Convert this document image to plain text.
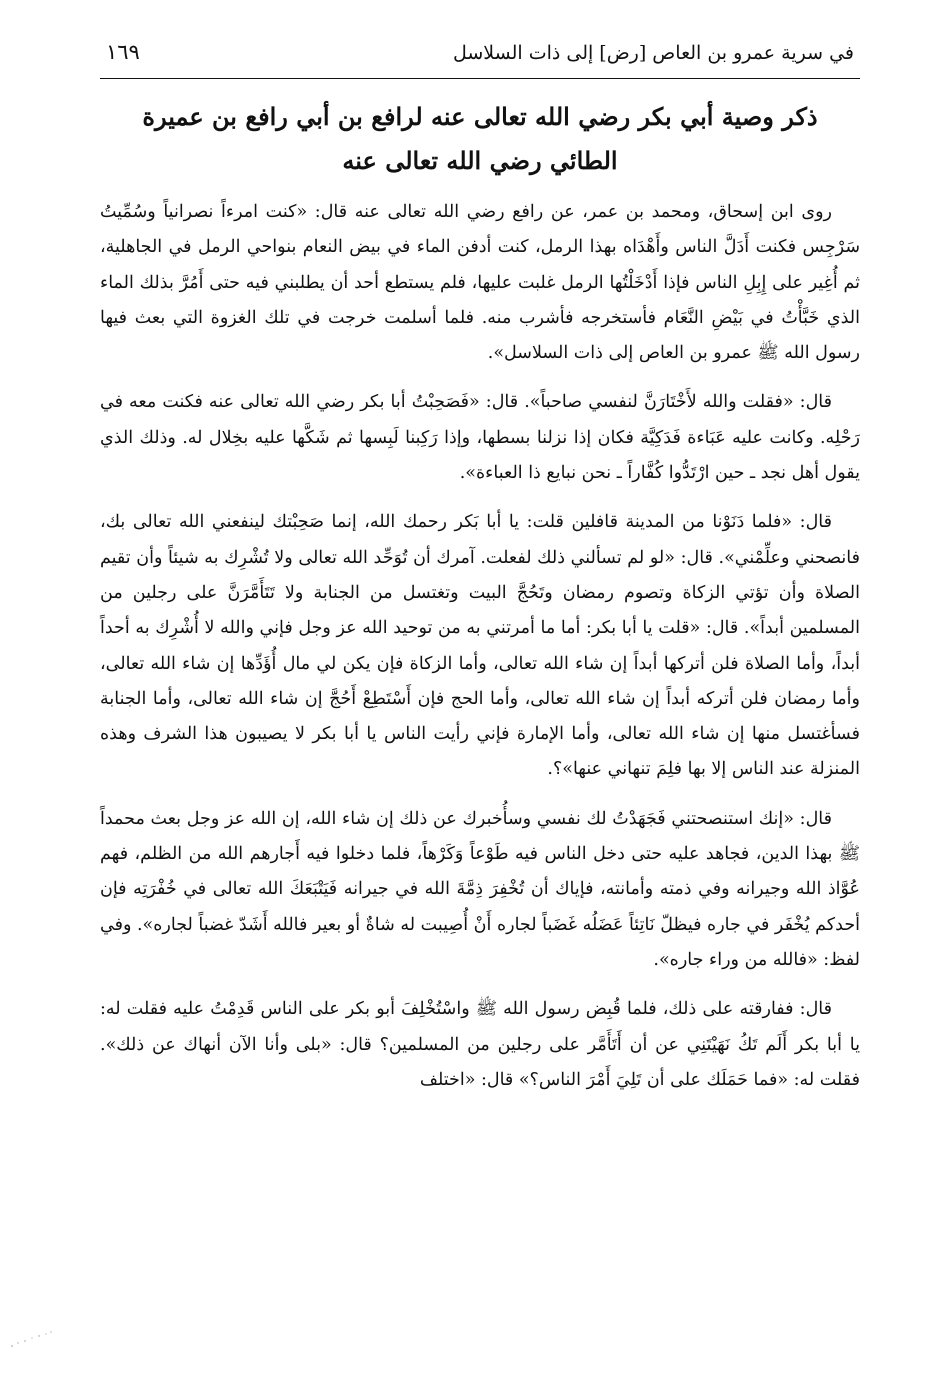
في سرية عمرو بن العاص [رض] إلى ذات السلاسل
١٦٩
ذكر وصية أبي بكر رضي الله تعالى عنه لرافع بن أبي رافع بن عميرة
الطائي رضي الله تعالى عنه

روى ابن إسحاق، ومحمد بن عمر، عن رافع رضي الله تعالى عنه قال: «كنت امرءاً نصرانياً وسُمِّيتُ سَرْجِس فكنت أَدَلَّ الناس وأَهْدَاه بهذا الرمل، كنت أدفن الماء في بيض النعام بنواحي الرمل في الجاهلية، ثم أُغِير على إِبِلِ الناس فإذا أَدْخَلْتُها الرمل غلبت عليها، فلم يستطع أحد أن يطلبني فيه حتى أَمُرَّ بذلك الماء الذي خَبَّأْتُ في بَيْضِ النَّعَام فأستخرجه فأشرب منه. فلما أسلمت خرجت في تلك الغزوة التي بعث فيها رسول الله ﷺ عمرو بن العاص إلى ذات السلاسل».

قال: «فقلت والله لأَخْتَارَنَّ لنفسي صاحباً». قال: «فَصَحِبْتُ أبا بكر رضي الله تعالى عنه فكنت معه في رَحْلِه. وكانت عليه عَبَاءة فَدَكِيَّة فكان إذا نزلنا بسطها، وإذا رَكِبنا لَبِسها ثم شَكَّها عليه بخِلال له. وذلك الذي يقول أهل نجد ـ حين ارْتَدُّوا كُفَّاراً ـ نحن نبايع ذا العباءة».

قال: «فلما دَنَوْنا من المدينة قافلين قلت: يا أبا بَكر رحمك الله، إنما صَحِبْتك لينفعني الله تعالى بك، فانصحني وعلِّمْني». قال: «لو لم تسألني ذلك لفعلت. آمرك أن تُوَحِّد الله تعالى ولا تُشْرِك به شيئاً وأن تقيم الصلاة وأن تؤتي الزكاة وتصوم رمضان وتَحُجَّ البيت وتغتسل من الجنابة ولا تَتَأَمَّرَنَّ على رجلين من المسلمين أبداً». قال: «قلت يا أبا بكر: أما ما أمرتني به من توحيد الله عز وجل فإني والله لا أُشْرِك به أحداً أبداً، وأما الصلاة فلن أتركها أبداً إن شاء الله تعالى، وأما الزكاة فإن يكن لي مال أُؤَدِّها إن شاء الله تعالى، وأما رمضان فلن أتركه أبداً إن شاء الله تعالى، وأما الحج فإن أَسْتَطِعْ أَحُجَّ إن شاء الله تعالى، وأما الجنابة فسأغتسل منها إن شاء الله تعالى، وأما الإمارة فإني رأيت الناس يا أبا بكر لا يصيبون هذا الشرف وهذه المنزلة عند الناس إلا بها فلِمَ تنهاني عنها»؟.

قال: «إنك استنصحتني فَجَهَدْتُ لك نفسي وسأُخبرك عن ذلك إن شاء الله، إن الله عز وجل بعث محمداً ﷺ بهذا الدين، فجاهد عليه حتى دخل الناس فيه طَوْعاً وَكَرْهاً، فلما دخلوا فيه أَجارهم الله من الظلم، فهم عُوَّاذ الله وجيرانه وفي ذمته وأمانته، فإياك أن تُخْفِرَ ذِمَّةَ الله في جيرانه فَيَتْبَعَكَ الله تعالى في خُفْرَتِه فإن أحدكم يُخْفَر في جاره فيظلّ نَاتِئاً عَضَلُه غَضَباً لجاره أَنْ أُصِيبت له شاةٌ أو بعير فالله أَشَدّ غضباً لجاره». وفي لفظ: «فالله من وراء جاره».

قال: ففارقته على ذلك، فلما قُبِض رسول الله ﷺ واسْتُخْلِفَ أبو بكر على الناس قَدِمْتُ عليه فقلت له: يا أبا بكر أَلَم تَكُ نَهَيْتَنِي عن أن أَتَأَمَّر على رجلين من المسلمين؟ قال: «بلى وأنا الآن أنهاك عن ذلك». فقلت له: «فما حَمَلَك على أن تَلِيَ أَمْرَ الناس؟» قال: «اختلف
